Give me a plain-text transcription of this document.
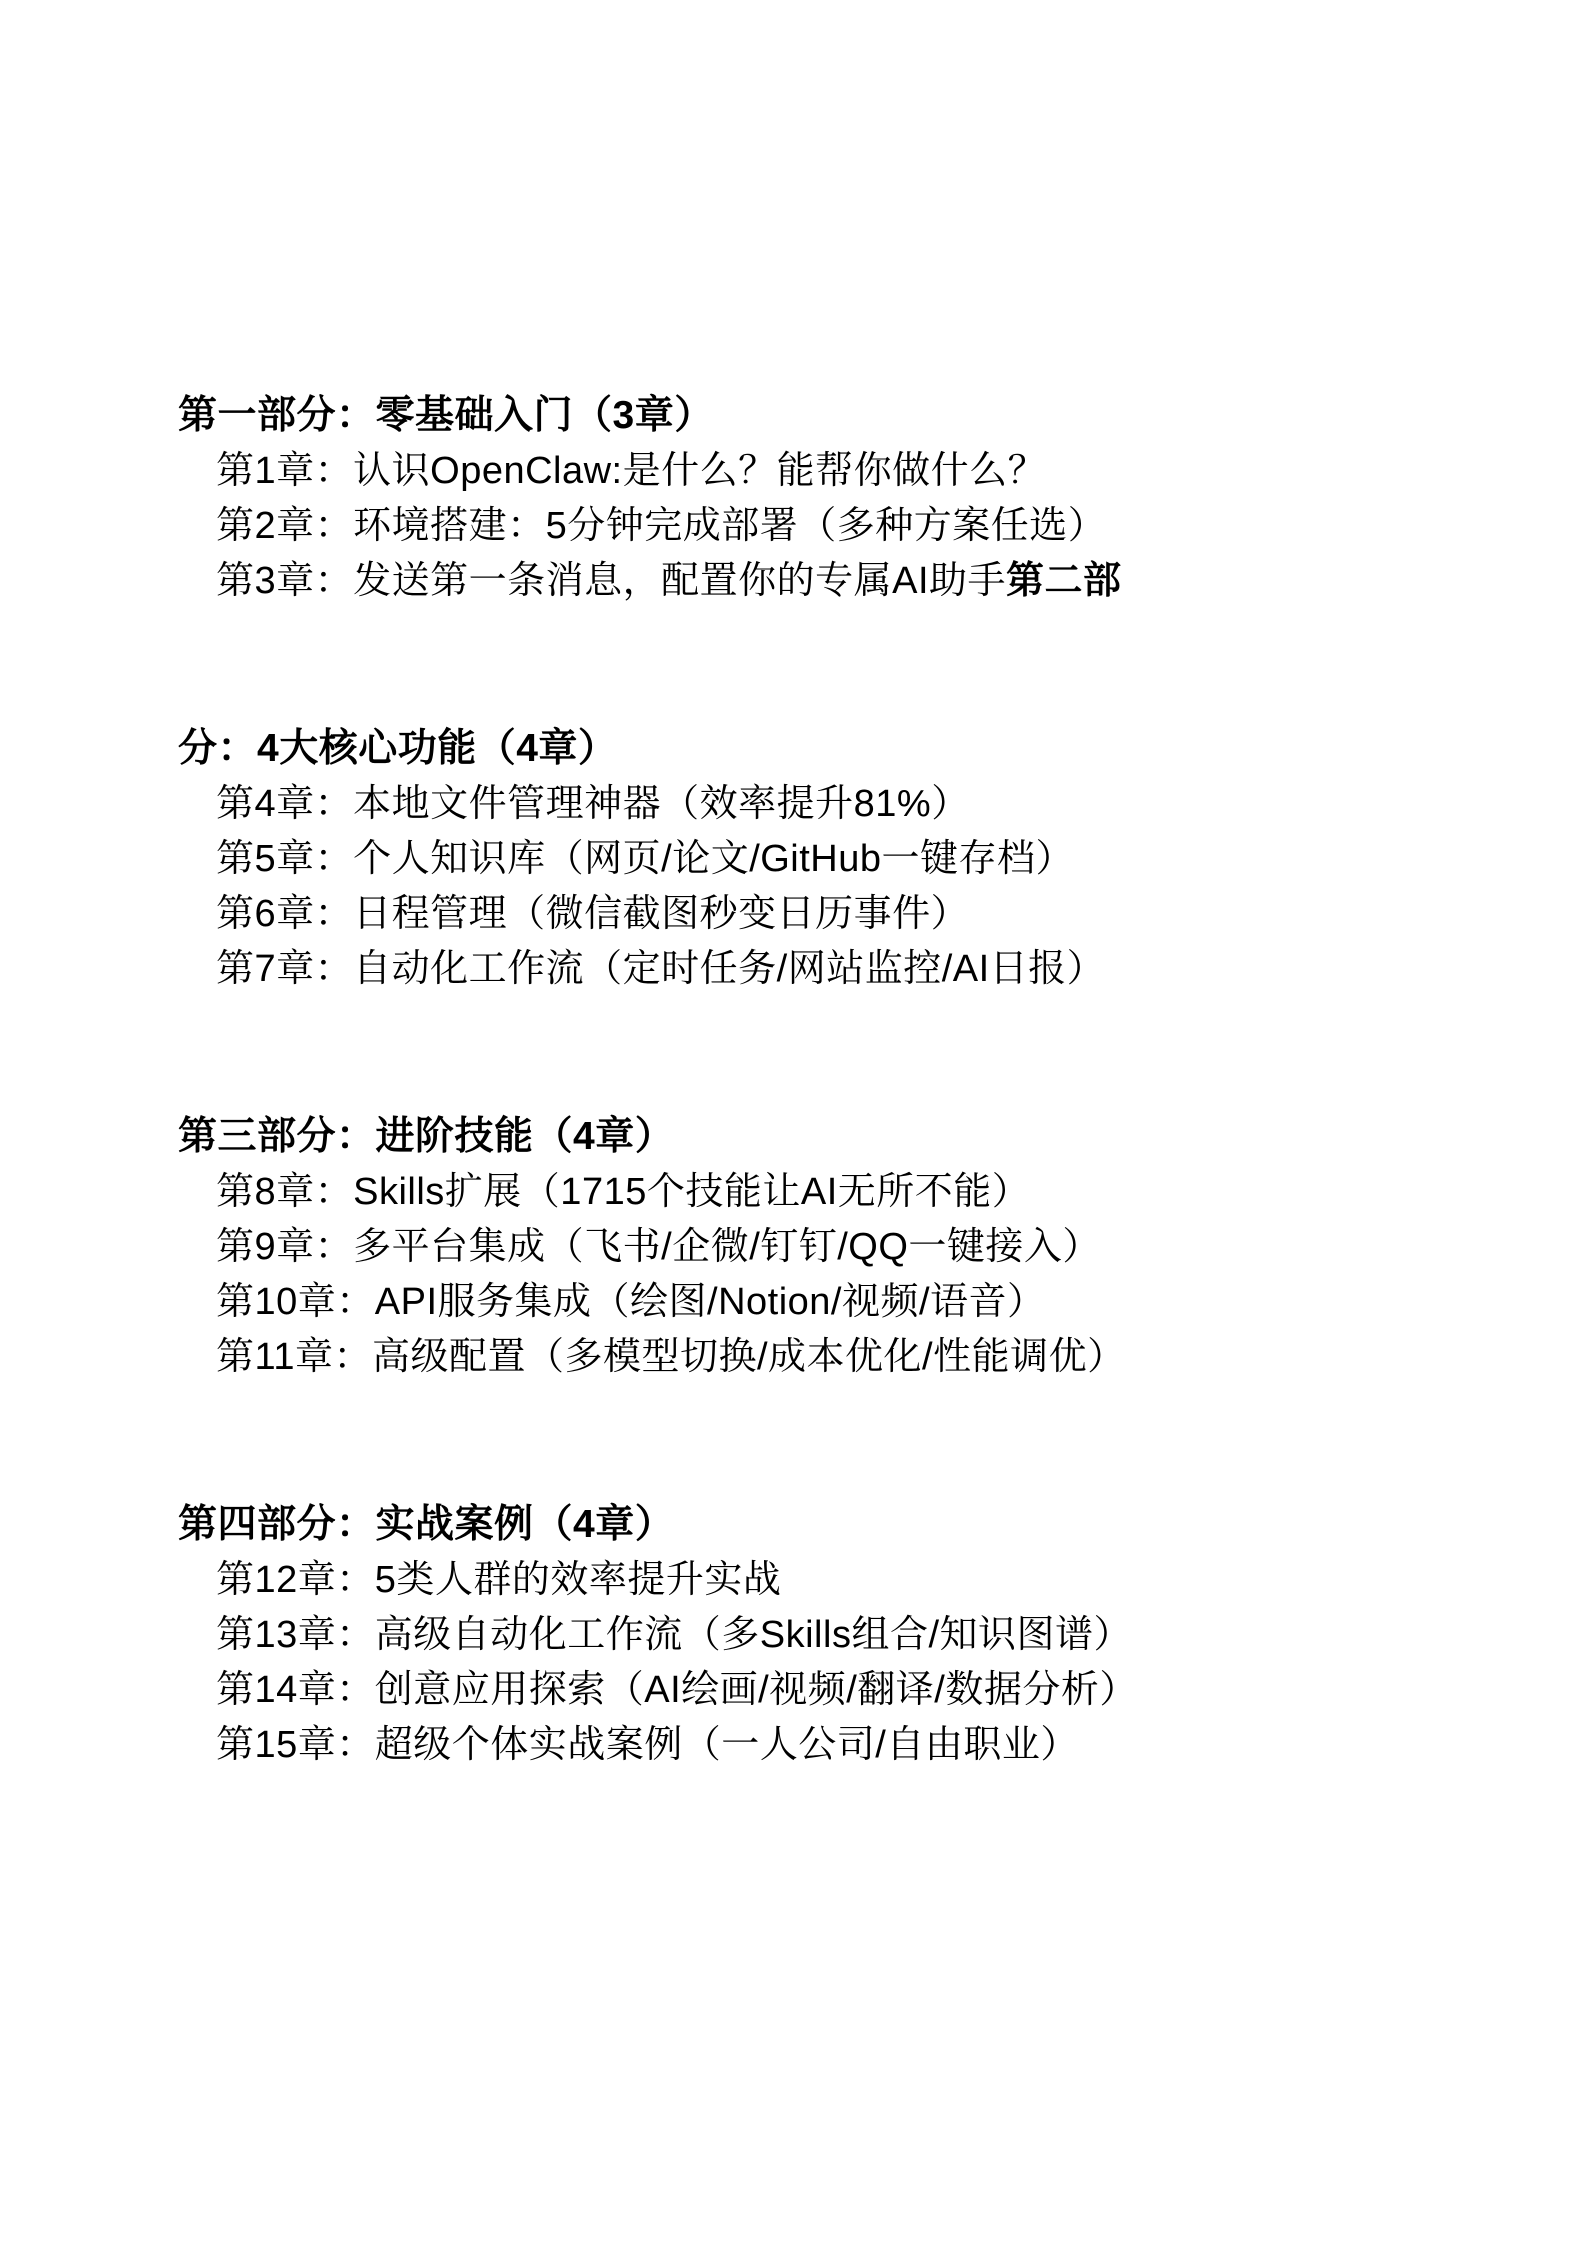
第一部分：零基础入门（3章）
第1章：认识OpenClaw:是什么？能帮你做什么？
第2章：环境搭建：5分钟完成部署（多种方案任选）
第3章：发送第一条消息，配置你的专属AI助手第二部
分：4大核心功能（4章）
第4章：本地文件管理神器（效率提升81%）
第5章：个人知识库（网页/论文/GitHub一键存档）
第6章：日程管理（微信截图秒变日历事件）
第7章：自动化工作流（定时任务/网站监控/AI日报）
第三部分：进阶技能（4章）
第8章：Skills扩展（1715个技能让AI无所不能）
第9章：多平台集成（飞书/企微/钉钉/QQ一键接入）
第10章：API服务集成（绘图/Notion/视频/语音）
第11章：高级配置（多模型切换/成本优化/性能调优）
第四部分：实战案例（4章）
第12章：5类人群的效率提升实战
第13章：高级自动化工作流（多Skills组合/知识图谱）
第14章：创意应用探索（AI绘画/视频/翻译/数据分析）
第15章：超级个体实战案例（一人公司/自由职业）
